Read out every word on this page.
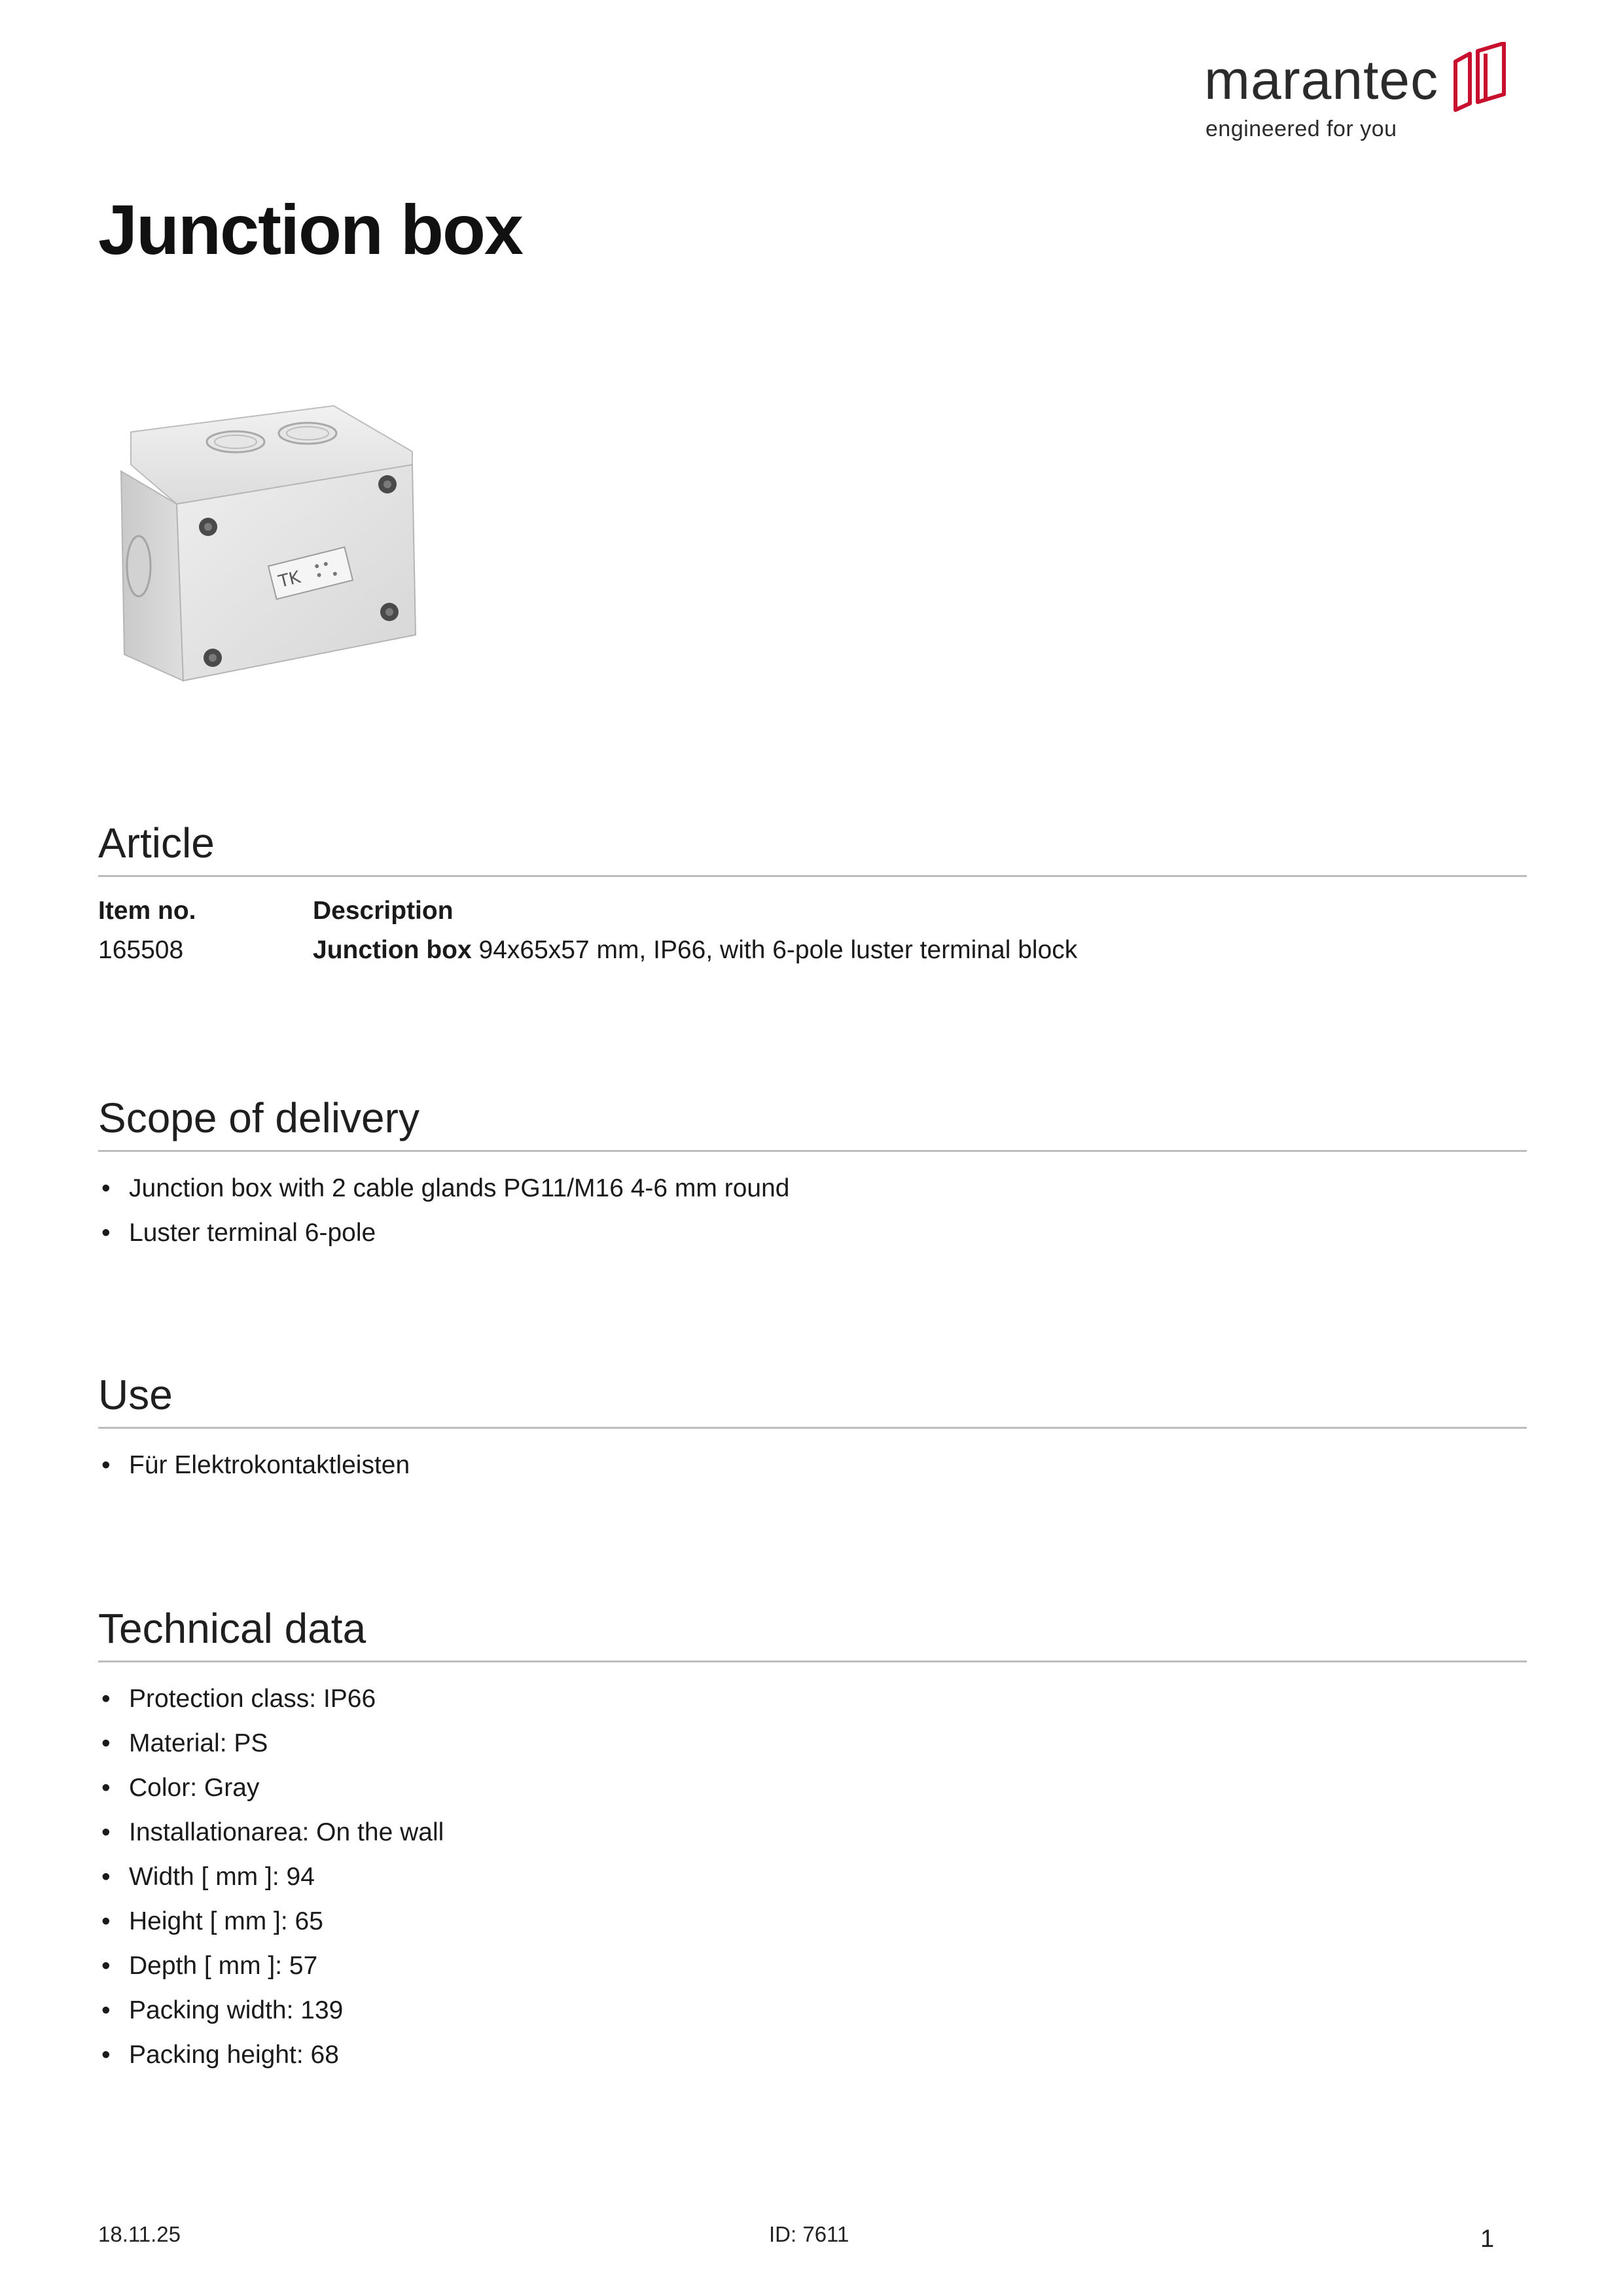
marantec
engineered for you
Junction box
TK
Article
Item no.	Description
165508	Junction box 94x65x57 mm, IP66, with 6-pole luster terminal block
Scope of delivery
• Junction box with 2 cable glands PG11/M16 4-6 mm round
• Luster terminal 6-pole
Use
• Für Elektrokontaktleisten
Technical data
• Protection class: IP66
• Material: PS
• Color: Gray
• Installationarea: On the wall
• Width [ mm ]: 94
• Height [ mm ]: 65
• Depth [ mm ]: 57
• Packing width: 139
• Packing height: 68
18.11.25	ID: 7611	1
